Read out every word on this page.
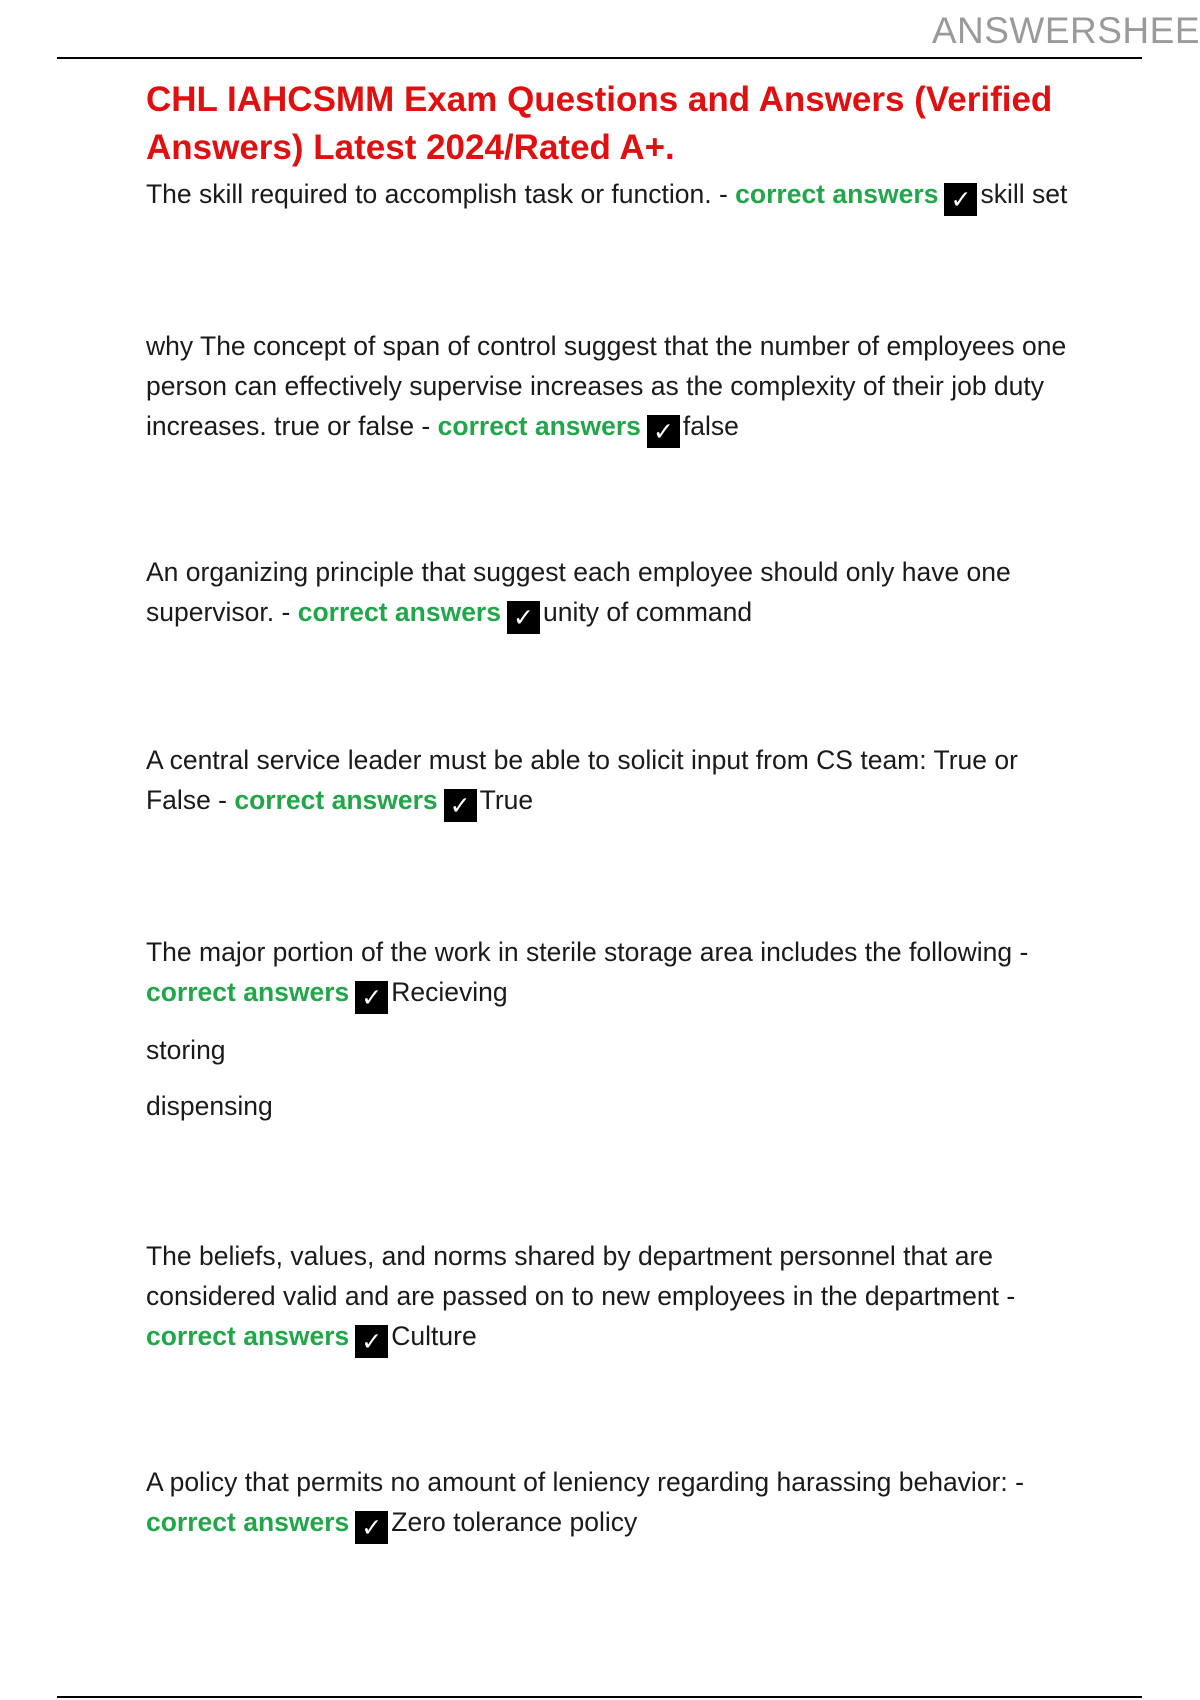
ANSWERSHEE
CHL IAHCSMM Exam Questions and Answers (Verified Answers) Latest 2024/Rated A+.

The skill required to accomplish task or function. - correct answers ✓ skill set

why The concept of span of control suggest that the number of employees one person can effectively supervise increases as the complexity of their job duty increases. true or false - correct answers ✓ false

An organizing principle that suggest each employee should only have one supervisor. - correct answers ✓ unity of command

A central service leader must be able to solicit input from CS team: True or False - correct answers ✓ True

The major portion of the work in sterile storage area includes the following - correct answers ✓ Recieving

storing

dispensing

The beliefs, values, and norms shared by department personnel that are considered valid and are passed on to new employees in the department - correct answers ✓ Culture

A policy that permits no amount of leniency regarding harassing behavior: - correct answers ✓ Zero tolerance policy
